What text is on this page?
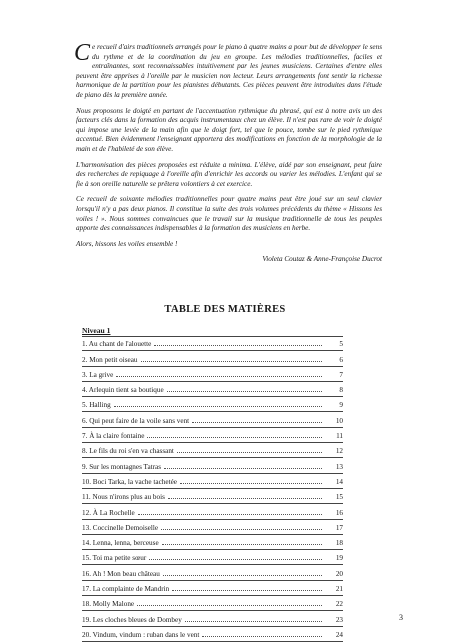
Ce recueil d'airs traditionnels arrangés pour le piano à quatre mains a pour but de développer le sens du rythme et de la coordination du jeu en groupe. Les mélodies traditionnelles, faciles et entraînantes, sont reconnaissables intuitivement par les jeunes musiciens. Certaines d'entre elles peuvent être apprises à l'oreille par le musicien non lecteur. Leurs arrangements font sentir la richesse harmonique de la partition pour les pianistes débutants. Ces pièces peuvent être introduites dans l'étude de piano dès la première année.

Nous proposons le doigté en partant de l'accentuation rythmique du phrasé, qui est à notre avis un des facteurs clés dans la formation des acquis instrumentaux chez un élève. Il n'est pas rare de voir le doigté qui impose une levée de la main afin que le doigt fort, tel que le pouce, tombe sur le pied rythmique accentué. Bien évidemment l'enseignant apportera des modifications en fonction de la morphologie de la main et de l'habileté de son élève.

L'harmonisation des pièces proposées est réduite a minima. L'élève, aidé par son enseignant, peut faire des recherches de repiquage à l'oreille afin d'enrichir les accords ou varier les mélodies. L'enfant qui se fie à son oreille naturelle se prêtera volontiers à cet exercice.

Ce recueil de soixante mélodies traditionnelles pour quatre mains peut être joué sur un seul clavier lorsqu'il n'y a pas deux pianos. Il constitue la suite des trois volumes précédents du thème « Hissons les voiles ! ». Nous sommes convaincues que le travail sur la musique traditionnelle de tous les peuples apporte des connaissances indispensables à la formation des musiciens en herbe.

Alors, hissons les voiles ensemble !

Violeta Coutaz & Anne-Françoise Ducrot

TABLE DES MATIÈRES
Niveau 1
1. Au chant de l'alouette	5
2. Mon petit oiseau	6
3. La grive	7
4. Arlequin tient sa boutique	8
5. Halling	9
6. Qui peut faire de la voile sans vent	10
7. À la claire fontaine	11
8. Le fils du roi s'en va chassant	12
9. Sur les montagnes Tatras	13
10. Boci Tarka, la vache tachetée	14
11. Nous n'irons plus au bois	15
12. À La Rochelle	16
13. Coccinelle Demoiselle	17
14. Lenna, lenna, berceuse	18
15. Toi ma petite sœur	19
16. Ah ! Mon beau château	20
17. La complainte de Mandrin	21
18. Molly Malone	22
19. Les cloches bleues de Dombey	23
20. Vindum, vindum : ruban dans le vent	24
3
